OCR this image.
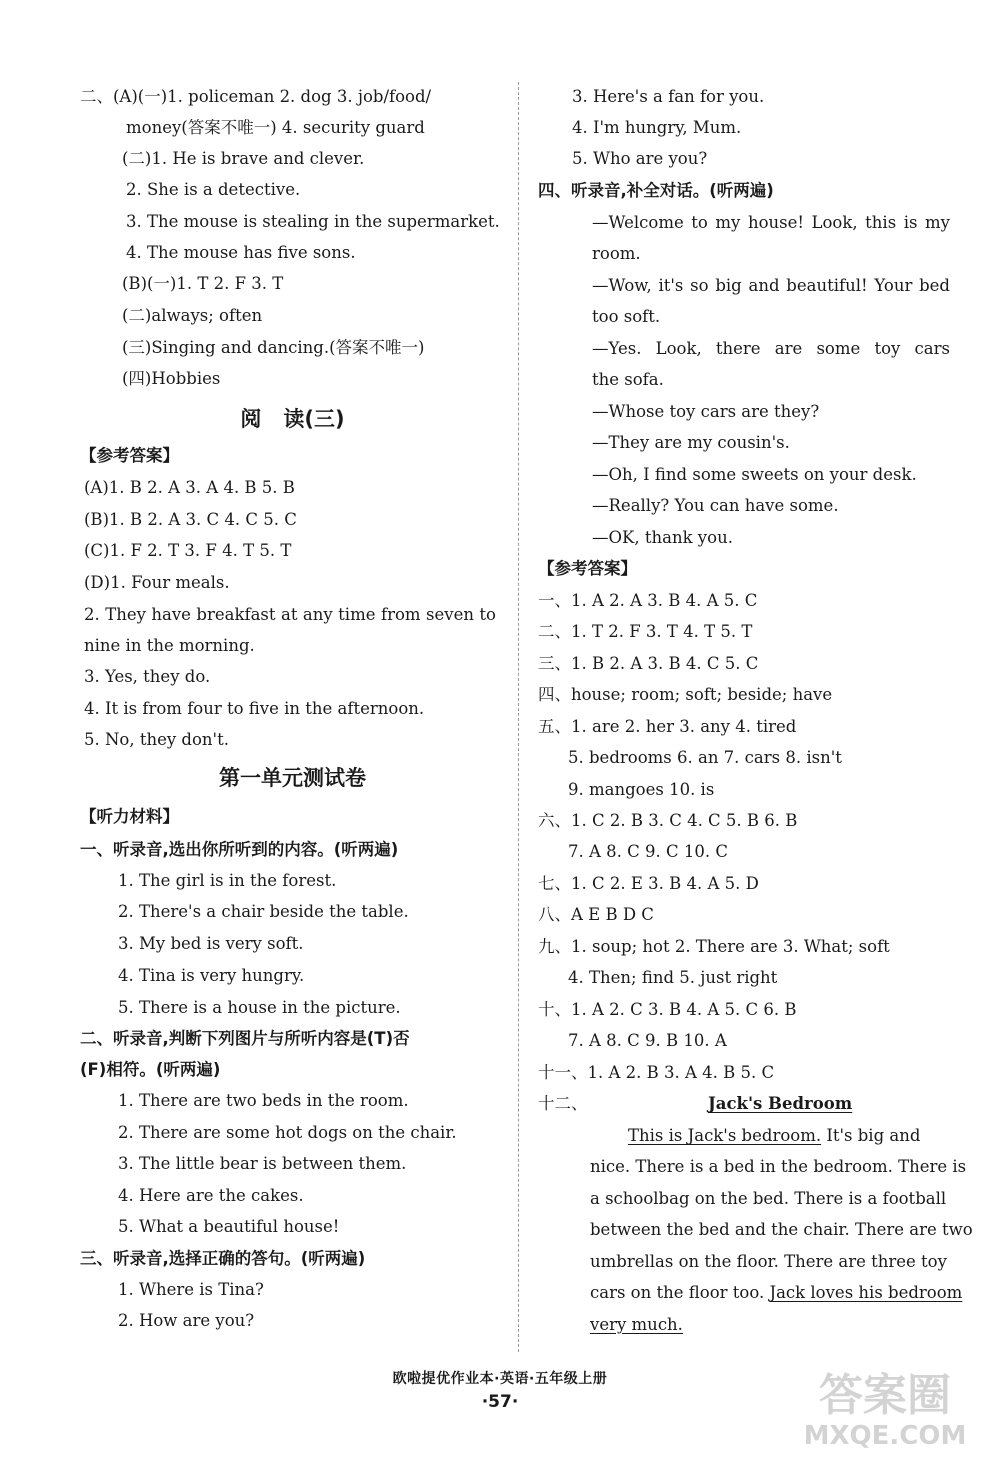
二、(A)(一)1. policeman 2. dog 3. job/food/
money(答案不唯一) 4. security guard
(二)1. He is brave and clever.
2. She is a detective.
3. The mouse is stealing in the supermarket.
4. The mouse has five sons.
(B)(一)1. T 2. F 3. T
(二)always; often
(三)Singing and dancing.(答案不唯一)
(四)Hobbies
阅   读(三)
【参考答案】
(A)1. B 2. A 3. A 4. B 5. B
(B)1. B 2. A 3. C 4. C 5. C
(C)1. F 2. T 3. F 4. T 5. T
(D)1. Four meals.
2. They have breakfast at any time from seven to
nine in the morning.
3. Yes, they do.
4. It is from four to five in the afternoon.
5. No, they don't.
第一单元测试卷
【听力材料】
一、听录音,选出你所听到的内容。(听两遍)
1. The girl is in the forest.
2. There's a chair beside the table.
3. My bed is very soft.
4. Tina is very hungry.
5. There is a house in the picture.
二、听录音,判断下列图片与所听内容是(T)否
(F)相符。(听两遍)
1. There are two beds in the room.
2. There are some hot dogs on the chair.
3. The little bear is between them.
4. Here are the cakes.
5. What a beautiful house!
三、听录音,选择正确的答句。(听两遍)
1. Where is Tina?
2. How are you?
3. Here's a fan for you.
4. I'm hungry, Mum.
5. Who are you?
四、听录音,补全对话。(听两遍)
—Welcome to my house! Look, this is my
room.
—Wow, it's so big and beautiful! Your bed
too soft.
—Yes. Look, there are some toy cars
the sofa.
—Whose toy cars are they?
—They are my cousin's.
—Oh, I find some sweets on your desk.
—Really? You can have some.
—OK, thank you.
【参考答案】
一、1. A 2. A 3. B 4. A 5. C
二、1. T 2. F 3. T 4. T 5. T
三、1. B 2. A 3. B 4. C 5. C
四、house; room; soft; beside; have
五、1. are 2. her 3. any 4. tired
5. bedrooms 6. an 7. cars 8. isn't
9. mangoes 10. is
六、1. C 2. B 3. C 4. C 5. B 6. B
7. A 8. C 9. C 10. C
七、1. C 2. E 3. B 4. A 5. D
八、A E B D C
九、1. soup; hot 2. There are 3. What; soft
4. Then; find 5. just right
十、1. A 2. C 3. B 4. A 5. C 6. B
7. A 8. C 9. B 10. A
十一、1. A 2. B 3. A 4. B 5. C
十二、	Jack's Bedroom
This is Jack's bedroom. It's big and
nice. There is a bed in the bedroom. There is
a schoolbag on the bed. There is a football
between the bed and the chair. There are two
umbrellas on the floor. There are three toy
cars on the floor too. Jack loves his bedroom
very much.
欧啦提优作业本·英语·五年级上册
·57·	答案圈
MXQE.COM
